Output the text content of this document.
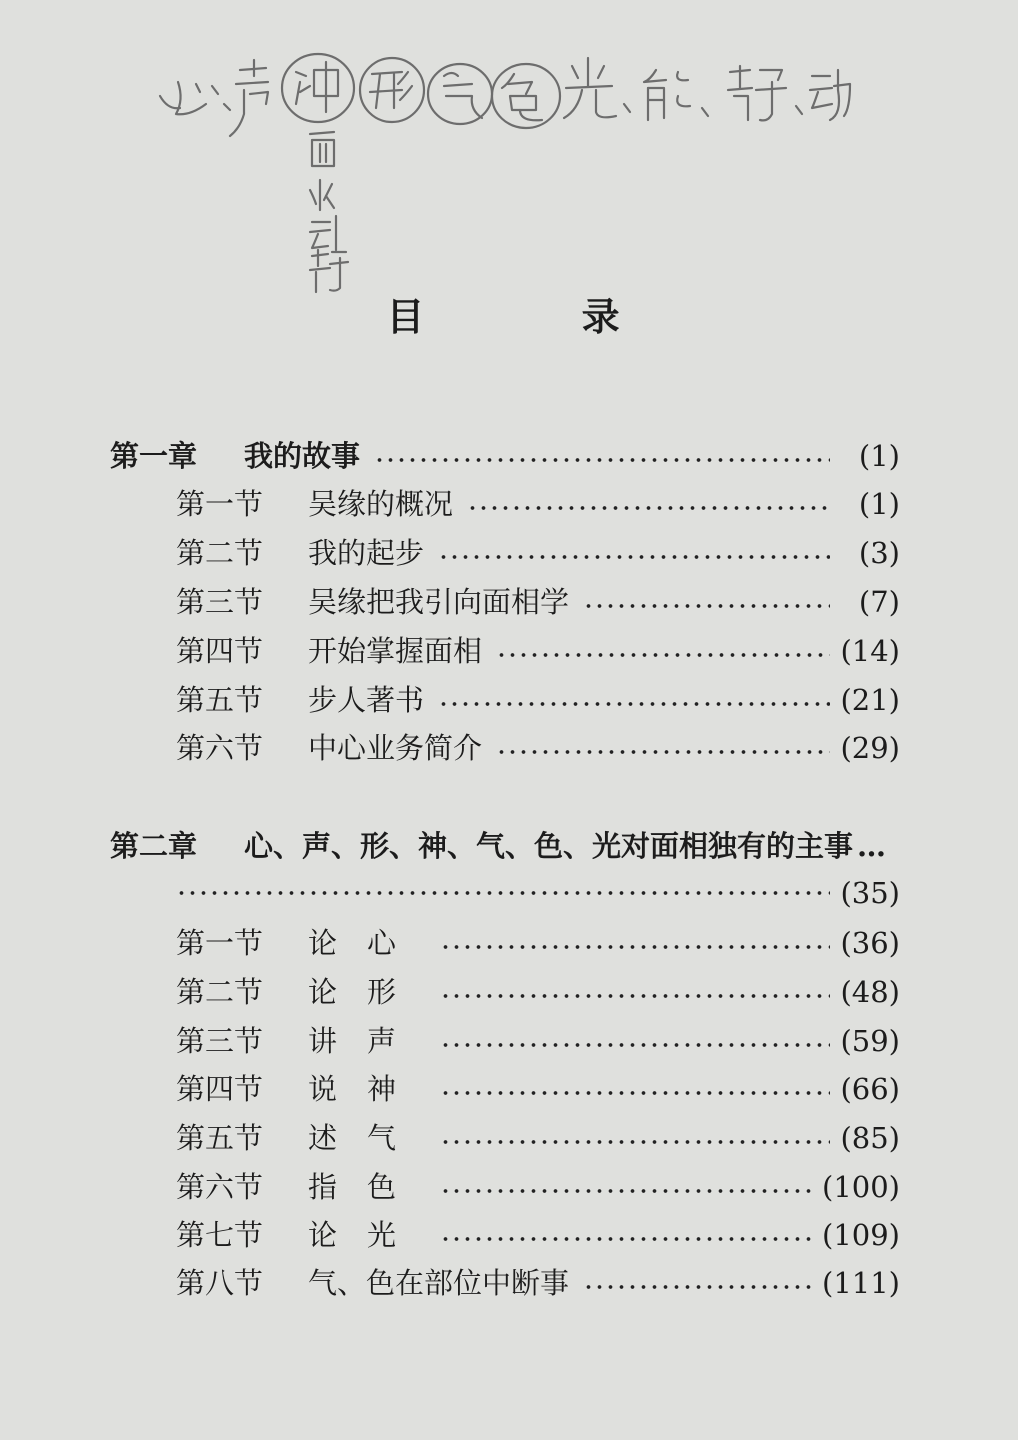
目 录
第一章	我的故事	(1)
第一节	吴缘的概况	(1)
第二节	我的起步	(3)
第三节	吴缘把我引向面相学	(7)
第四节	开始掌握面相	(14)
第五节	步人著书	(21)
第六节	中心业务简介	(29)
第二章	心、声、形、神、气、色、光对面相独有的主事 …
(35)
第一节	论心	(36)
第二节	论形	(48)
第三节	讲声	(59)
第四节	说神	(66)
第五节	述气	(85)
第六节	指色	(100)
第七节	论光	(109)
第八节	气、色在部位中断事	(111)
